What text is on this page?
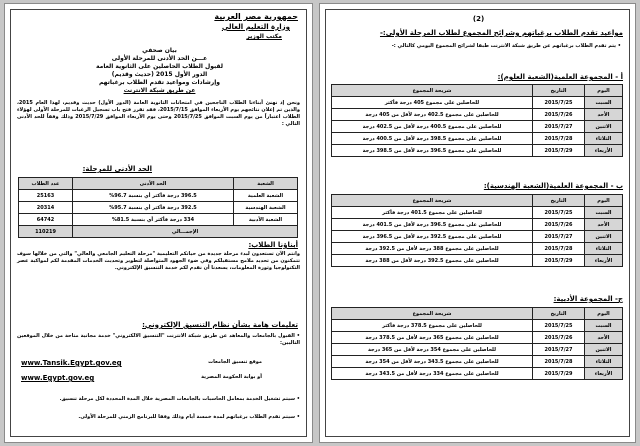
جمهورية مصر العربية
وزارة التعليم العالي
مكتب الوزير
بيان صحفي
عـــن الحد الأدنى للمرحلة الأولى
لقبول الطلاب الحاصلين على الثانوية العامة
الدور الأول 2015 (حديث وقديم)
وإرشادات ومواعيد تقدم الطلاب برغباتهم
عن طريق شبكة الانترنت
ونحن إذ نهنئ أبناءنا الطلاب الناجحين في امتحانات الثانوية العامة (الدور الأول) حديث وقديم، لهذا العام 2015، والذين تم إعلان نتائجهم يوم الأربعاء الموافق 2015/7/15، فقد تقرر فتح باب تسجيل الرغبات للمرحلة الأولى لهؤلاء الطلاب اعتباراً من يوم السبت الموافق 2015/7/25 وحتى يوم الأربعاء الموافق 2015/7/29 وذلك وفقاً للحد الأدنى التالي :
الحد الأدنى للمرحلة:
الشعبة	الحد الأدنى	عدد الطلاب
الشعبة العلمية	396.5 درجة فأكثر أي بنسبة 96.7%	25163
الشعبة الهندسية	392.5 درجة فأكثر أي بنسبة 95.7%	20314
الشعبة الأدبية	334 درجة فأكثر أي بنسبة 81.5%	64742
الإجمـــالي		110219
أبناؤنا الطلاب:
وانتم الآن تستعدون لبدء مرحلة جديدة من حياتكم التعليمية "مرحلة التعليم الجامعي والعالي" والتي من خلالها سوف تتمكنون من تحديد ملامح مستقبلكم وفي ضوء الجهود المتواصلة لتطوير وتحديث الخدمات المقدمة لكم لمواكبة عصر التكنولوجيا وثورة المعلومات، يسعدنا أن نقدم لكم خدمة التنسيق الإلكتروني.
تعليمات هامة بشأن نظام التنسيق الإلكتروني:
• القبول بالجامعات والمعاهد عن طريق شبكة الانترنت "التنسيق الالكتروني" خدمة مجانية متاحة من خلال الموقعين التاليين:
موقع تنسيق الجامعات
www.Tansik.Egypt.gov.eg
أو بوابة الحكومة المصرية
www.Egypt.gov.eg
• سيتم تشغيل الخدمة بمعامل الحاسبات بالجامعات المصرية خلال المدة المحددة لكل مرحلة تنسيق.
• سيتم تقدم الطلاب برغباتهم لمدة خمسة أيام وذلك وفقا للبرنامج الزمني للمرحلة الأولى.
(2)
مواعيد تقدم الطلاب برغباتهم وشرائح المجموع لطلاب المرحلة الأولى:-
• يتم تقدم الطلاب برغباتهم عن طريق شبكة الانترنت طبقا لشرائح المجموع اليومي كالتالي :-
أ - المجموعة العلمية(الشعبة العلوم):
اليوم	التاريخ	شريحة المجموع
السبت	2015/7/25	للحاصلين على مجموع 405 درجة فأكثر
الأحد	2015/7/26	للحاصلين على مجموع 402.5 درجة لأقل من 405 درجة
الاثنين	2015/7/27	للحاصلين على مجموع 400.5 درجة لأقل من 402.5 درجة
الثلاثاء	2015/7/28	للحاصلين على مجموع 398.5 درجة لأقل من 400.5 درجة
الأربعاء	2015/7/29	للحاصلين على مجموع 396.5 درجة لأقل من 398.5 درجة
ب - المجموعة العلمية(الشعبة الهندسية):
اليوم	التاريخ	شريحة المجموع
السبت	2015/7/25	للحاصلين على مجموع 401.5 درجة فأكثر
الأحد	2015/7/26	للحاصلين على مجموع 396.5 درجة لأقل من 401.5 درجة
الاثنين	2015/7/27	للحاصلين على مجموع 392.5 درجة لأقل من 396.5 درجة
الثلاثاء	2015/7/28	للحاصلين على مجموع 388 درجة لأقل من 392.5 درجة
الأربعاء	2015/7/29	للحاصلين على مجموع 392.5 درجة لأقل من 388 درجة
ج- المجموعة الأدبية:
اليوم	التاريخ	شريحة المجموع
السبت	2015/7/25	للحاصلين على مجموع 378.5 درجة فأكثر
الأحد	2015/7/26	للحاصلين على مجموع 365 درجة لأقل من 378.5 درجة
الاثنين	2015/7/27	للحاصلين على مجموع 354 درجة لأقل من 365 درجة
الثلاثاء	2015/7/28	للحاصلين على مجموع 343.5 درجة لأقل من 354 درجة
الأربعاء	2015/7/29	للحاصلين على مجموع 334 درجة لأقل من 343.5 درجة
